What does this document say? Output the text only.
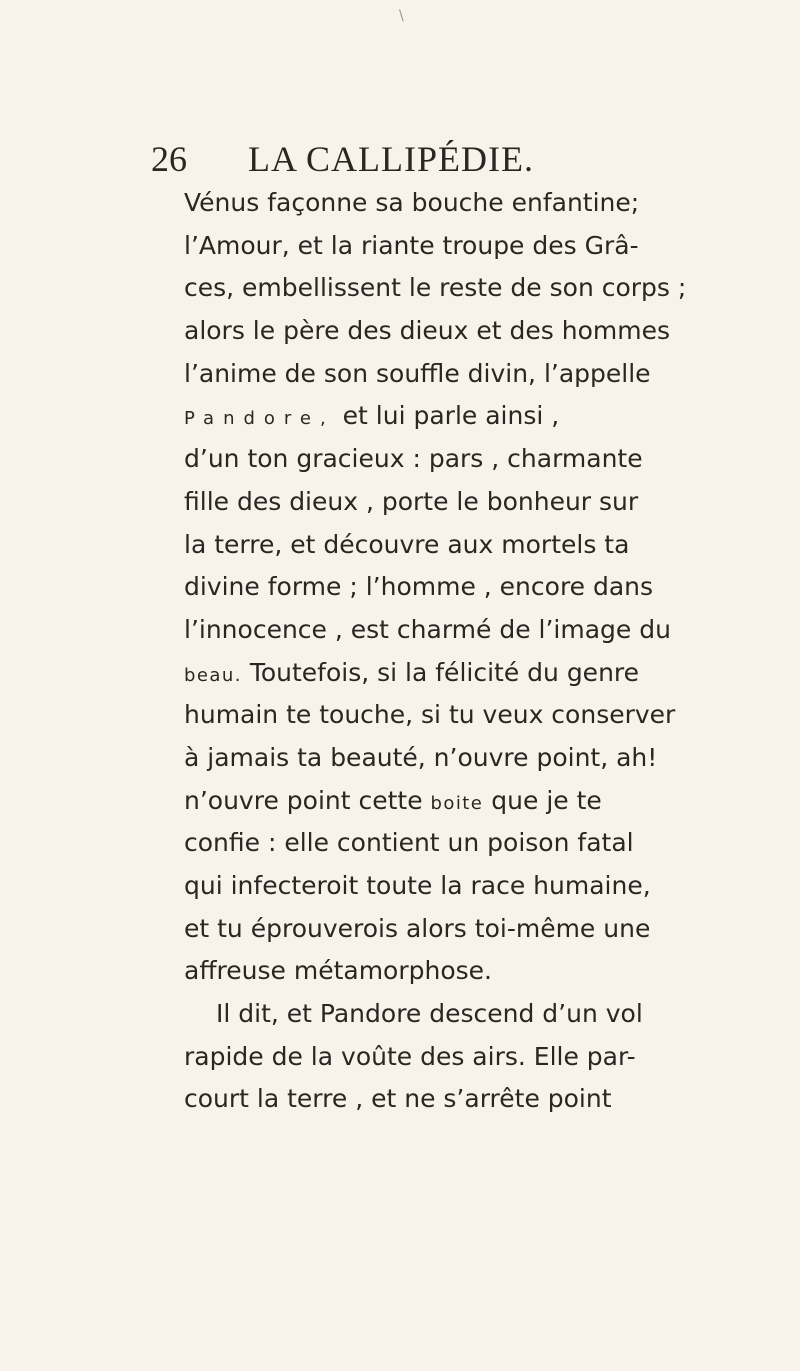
\
26 LA CALLIPÉDIE.
Vénus façonne sa bouche enfantine;
l’Amour, et la riante troupe des Grâ-
ces, embellissent le reste de son corps ;
alors le père des dieux et des hommes
l’anime de son souffle divin, l’appelle
Pandore, et lui parle ainsi ,
d’un ton gracieux : pars , charmante
fille des dieux , porte le bonheur sur
la terre, et découvre aux mortels ta
divine forme ; l’homme , encore dans
l’innocence , est charmé de l’image du
beau. Toutefois, si la félicité du genre
humain te touche, si tu veux conserver
à jamais ta beauté, n’ouvre point, ah!
n’ouvre point cette boite que je te
confie : elle contient un poison fatal
qui infecteroit toute la race humaine,
et tu éprouverois alors toi-même une
affreuse métamorphose.
Il dit, et Pandore descend d’un vol
rapide de la voûte des airs. Elle par-
court la terre , et ne s’arrête point
